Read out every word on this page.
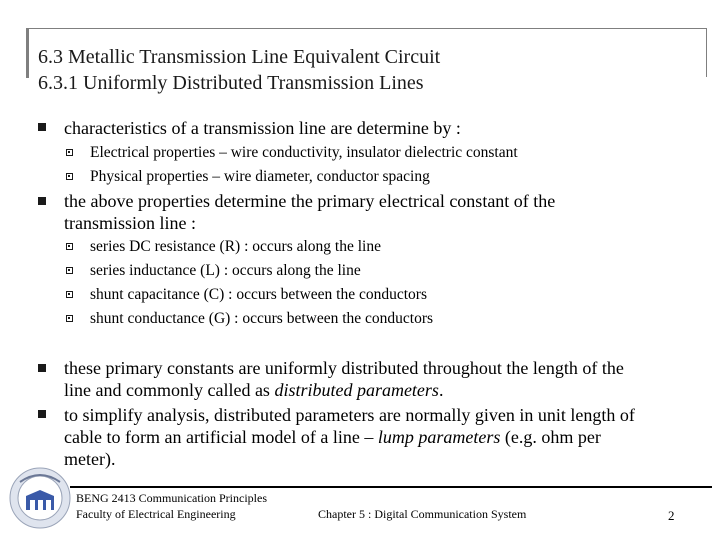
6.3 Metallic Transmission Line Equivalent Circuit
6.3.1 Uniformly Distributed Transmission Lines
characteristics of a transmission line are determine by :
Electrical properties – wire conductivity, insulator dielectric constant
Physical properties – wire diameter, conductor spacing
the above properties determine the primary electrical constant of the
transmission line :
series DC resistance (R) : occurs along the line
series inductance (L) : occurs along the line
shunt capacitance (C) : occurs between the conductors
shunt conductance (G) : occurs between the conductors
these primary constants are uniformly distributed throughout the length of the
line and commonly called as distributed parameters.
to simplify analysis, distributed parameters are normally given in unit length of
cable to form an artificial model of a line – lump parameters (e.g. ohm per
meter).
BENG 2413 Communication Principles
Faculty of Electrical Engineering	Chapter 5 : Digital Communication System	2
